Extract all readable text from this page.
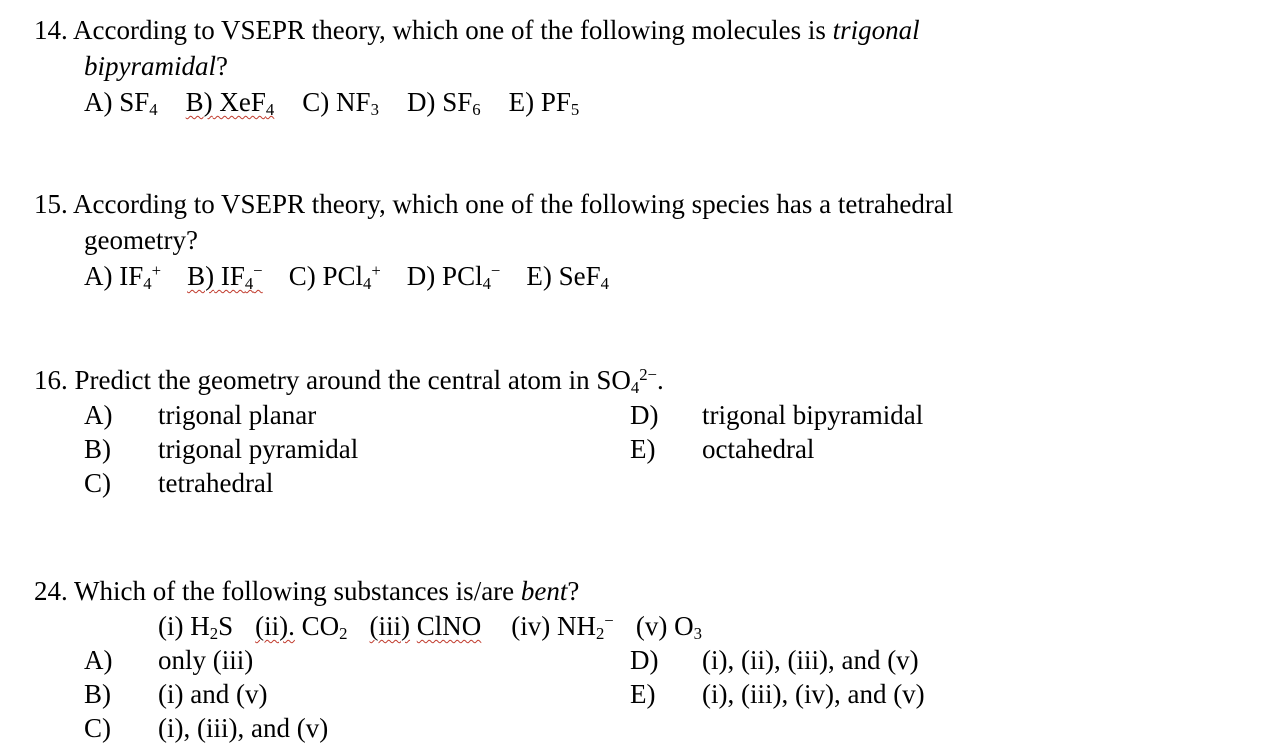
14. According to VSEPR theory, which one of the following molecules is trigonal
bipyramidal?
A) $SF_4$ B) XeF$_4$ C) $NF_3$ D) $SF_6$ E) $PF_5$
15. According to VSEPR theory, which one of the following species has a tetrahedral
geometry?
A) $IF_4^+$ B) $IF_4^-$ C) PCl$_4$+ D) PCl$_4$− E) SeF$_4$
16. Predict the geometry around the central atom in $SO_4^{2-}$.
A) trigonal planar
B) trigonal pyramidal
C) tetrahedral
D) trigonal bipyramidal
E) octahedral
24. Which of the following substances is/are bent?
(i) $H_2S$ (ii). $CO_2$ (iii) ClNO (iv) $NH_2^-$ (v) $O_3$
A) only (iii)
B) (i) and (v)
C) (i), (iii), and (v)
D) (i), (ii), (iii), and (v)
E) (i), (iii), (iv), and (v)
